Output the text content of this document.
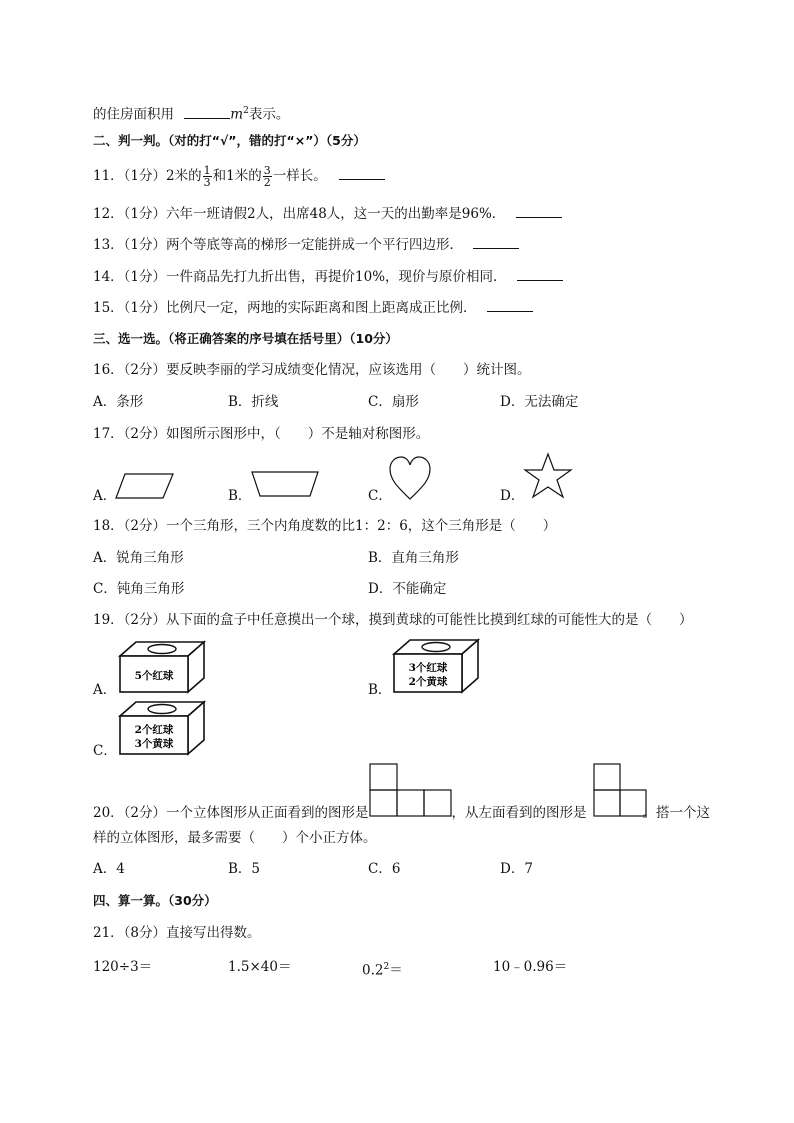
的住房面积用	$m^2$表示。
二、判一判。（对的打“√”，错的打“×”）（5分）
11．（1分）2米的 $\frac{1}{3}$ 和1米的 $\frac{3}{2}$ 一样长。
12．（1分）六年一班请假2人，出席48人，这一天的出勤率是96%．
13．（1分）两个等底等高的梯形一定能拼成一个平行四边形．
14．（1分）一件商品先打九折出售，再提价10%，现价与原价相同．
15．（1分）比例尺一定，两地的实际距离和图上距离成正比例．
三、选一选。（将正确答案的序号填在括号里）（10分）
16．（2分）要反映李丽的学习成绩变化情况，应该选用（　　）统计图。
A．条形	B．折线	C．扇形	D．无法确定
17．（2分）如图所示图形中，（　　）不是轴对称图形。
A．	B．	C．	D．
18．（2分）一个三角形，三个内角度数的比1：2：6，这个三角形是（　　）
A．锐角三角形	B．直角三角形
C．钝角三角形	D．不能确定
19．（2分）从下面的盒子中任意摸出一个球，摸到黄球的可能性比摸到红球的可能性大的是（　　）
A．	B．
C．
5个红球
3个红球
2个黄球
2个红球
3个黄球
20．（2分）一个立体图形从正面看到的图形是	，从左面看到的图形是	。搭一个这
样的立体图形，最多需要（　　）个小正方体。
A．4	B．5	C．6	D．7
四、算一算。（30分）
21．（8分）直接写出得数。
120÷3＝	1.5×40＝	$0.2^2=$	10﹣0.96＝
